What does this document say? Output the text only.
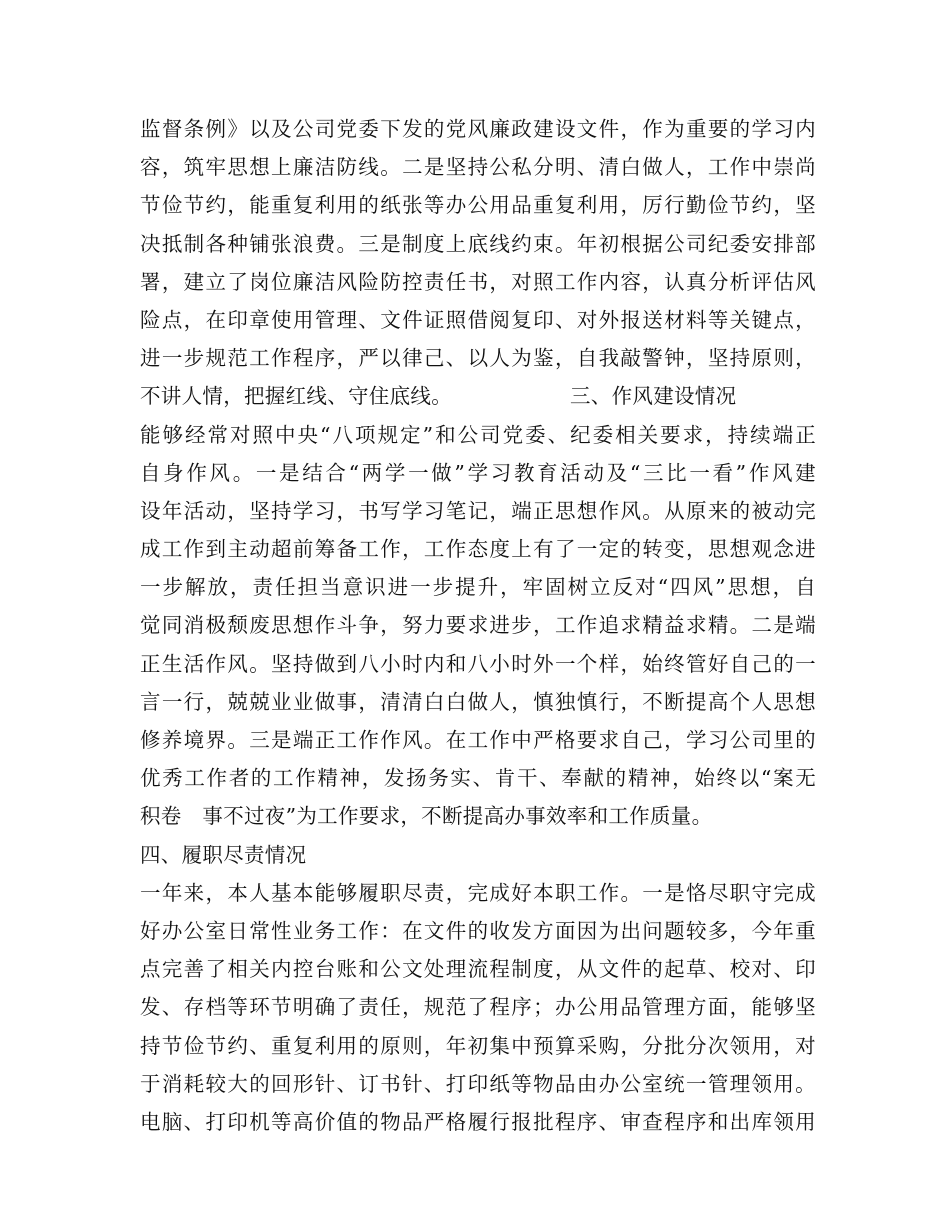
监督条例》以及公司党委下发的党风廉政建设文件，作为重要的学习内
容，筑牢思想上廉洁防线。二是坚持公私分明、清白做人，工作中崇尚
节俭节约，能重复利用的纸张等办公用品重复利用，厉行勤俭节约，坚
决抵制各种铺张浪费。三是制度上底线约束。年初根据公司纪委安排部
署，建立了岗位廉洁风险防控责任书，对照工作内容，认真分析评估风
险点，在印章使用管理、文件证照借阅复印、对外报送材料等关键点，
进一步规范工作程序，严以律己、以人为鉴，自我敲警钟，坚持原则，
不讲人情，把握红线、守住底线。	三、作风建设情况
能够经常对照中央“八项规定”和公司党委、纪委相关要求，持续端正
自身作风。一是结合“两学一做”学习教育活动及“三比一看”作风建
设年活动，坚持学习，书写学习笔记，端正思想作风。从原来的被动完
成工作到主动超前筹备工作，工作态度上有了一定的转变，思想观念进
一步解放，责任担当意识进一步提升，牢固树立反对“四风”思想，自
觉同消极颓废思想作斗争，努力要求进步，工作追求精益求精。二是端
正生活作风。坚持做到八小时内和八小时外一个样，始终管好自己的一
言一行，兢兢业业做事，清清白白做人，慎独慎行，不断提高个人思想
修养境界。三是端正工作作风。在工作中严格要求自己，学习公司里的
优秀工作者的工作精神，发扬务实、肯干、奉献的精神，始终以“案无
积卷　事不过夜”为工作要求，不断提高办事效率和工作质量。
四、履职尽责情况
一年来，本人基本能够履职尽责，完成好本职工作。一是恪尽职守完成
好办公室日常性业务工作：在文件的收发方面因为出问题较多，今年重
点完善了相关内控台账和公文处理流程制度，从文件的起草、校对、印
发、存档等环节明确了责任，规范了程序；办公用品管理方面，能够坚
持节俭节约、重复利用的原则，年初集中预算采购，分批分次领用，对
于消耗较大的回形针、订书针、打印纸等物品由办公室统一管理领用。
电脑、打印机等高价值的物品严格履行报批程序、审查程序和出库领用
